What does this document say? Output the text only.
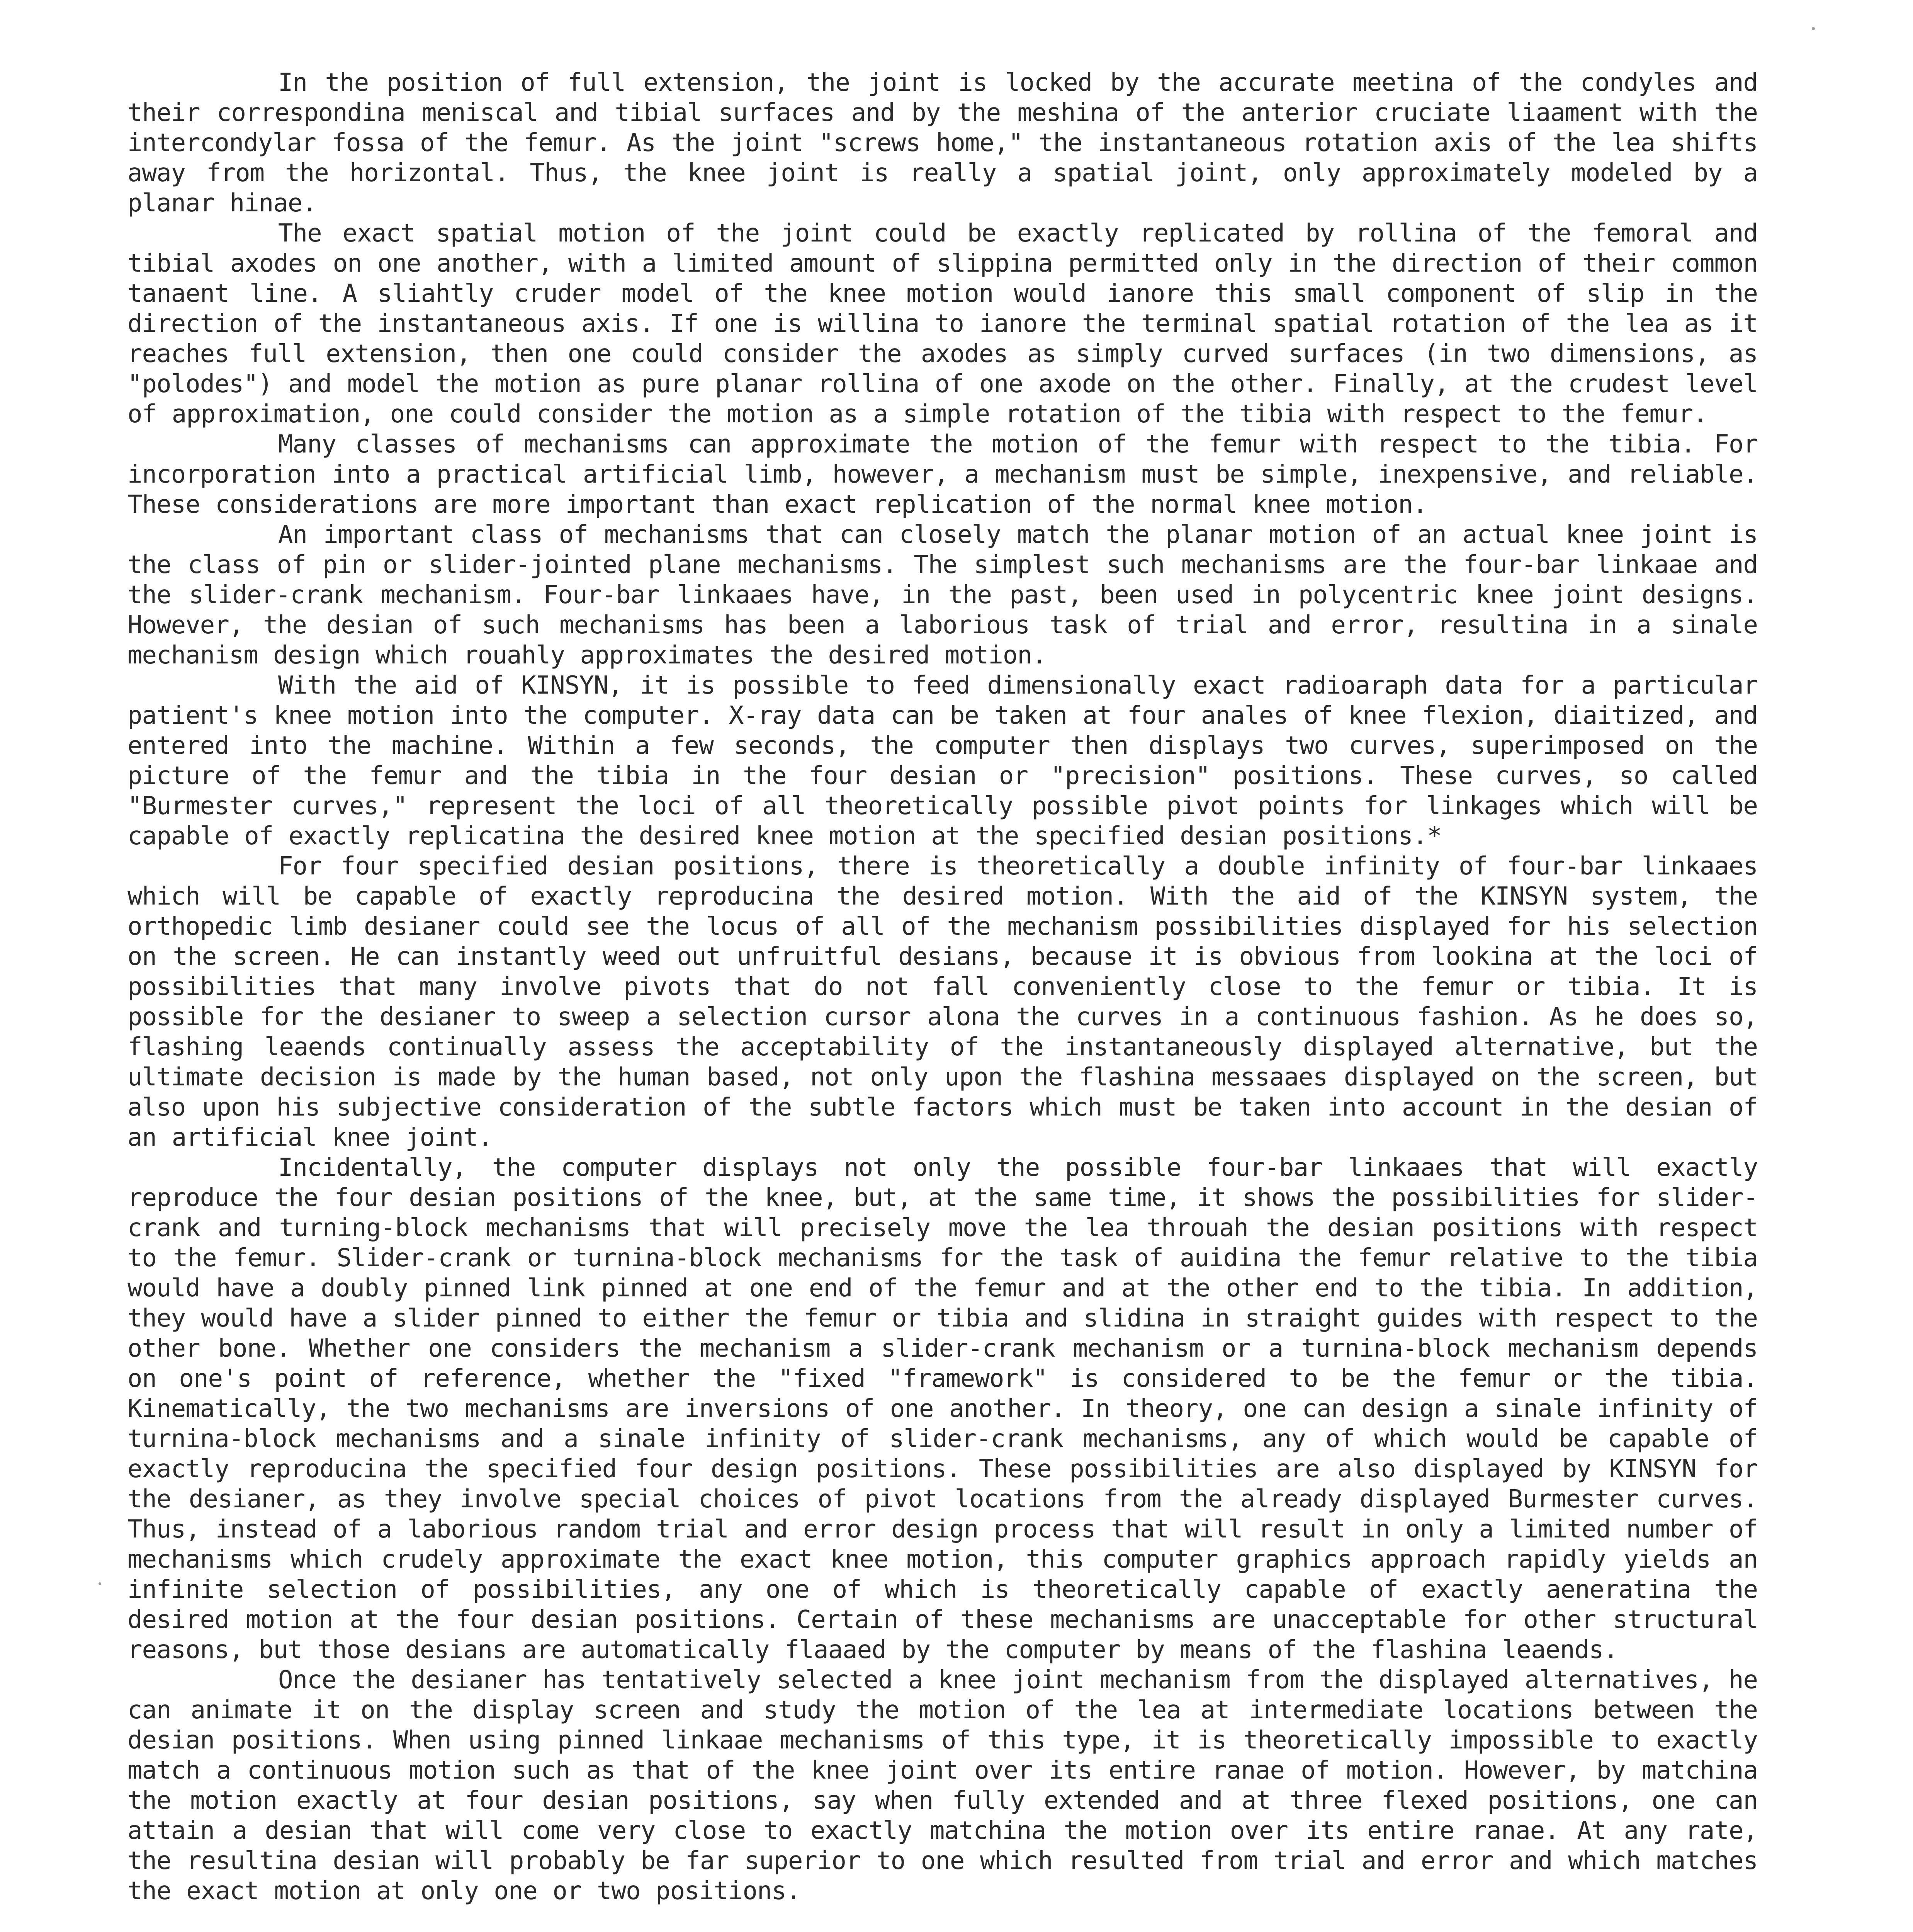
In the position of full extension, the joint is locked by the accurate meetina of the condyles and their correspondina meniscal and tibial surfaces and by the meshina of the anterior cruciate liaament with the intercondylar fossa of the femur. As the joint "screws home," the instantaneous rotation axis of the lea shifts away from the horizontal. Thus, the knee joint is really a spatial joint, only approximately modeled by a planar hinae.

The exact spatial motion of the joint could be exactly replicated by rollina of the femoral and tibial axodes on one another, with a limited amount of slippina permitted only in the direction of their common tanaent line. A sliahtly cruder model of the knee motion would ianore this small component of slip in the direction of the instantaneous axis. If one is willina to ianore the terminal spatial rotation of the lea as it reaches full extension, then one could consider the axodes as simply curved surfaces (in two dimensions, as "polodes") and model the motion as pure planar rollina of one axode on the other. Finally, at the crudest level of approximation, one could consider the motion as a simple rotation of the tibia with respect to the femur.

Many classes of mechanisms can approximate the motion of the femur with respect to the tibia. For incorporation into a practical artificial limb, however, a mechanism must be simple, inexpensive, and reliable. These considerations are more important than exact replication of the normal knee motion.

An important class of mechanisms that can closely match the planar motion of an actual knee joint is the class of pin or slider-jointed plane mechanisms. The simplest such mechanisms are the four-bar linkaae and the slider-crank mechanism. Four-bar linkaaes have, in the past, been used in polycentric knee joint designs. However, the desian of such mechanisms has been a laborious task of trial and error, resultina in a sinale mechanism design which rouahly approximates the desired motion.

With the aid of KINSYN, it is possible to feed dimensionally exact radioaraph data for a particular patient's knee motion into the computer. X-ray data can be taken at four anales of knee flexion, diaitized, and entered into the machine. Within a few seconds, the computer then displays two curves, superimposed on the picture of the femur and the tibia in the four desian or "precision" positions. These curves, so called "Burmester curves," represent the loci of all theoretically possible pivot points for linkages which will be capable of exactly replicatina the desired knee motion at the specified desian positions.*

For four specified desian positions, there is theoretically a double infinity of four-bar linkaaes which will be capable of exactly reproducina the desired motion. With the aid of the KINSYN system, the orthopedic limb desianer could see the locus of all of the mechanism possibilities displayed for his selection on the screen. He can instantly weed out unfruitful desians, because it is obvious from lookina at the loci of possibilities that many involve pivots that do not fall conveniently close to the femur or tibia. It is possible for the desianer to sweep a selection cursor alona the curves in a continuous fashion. As he does so, flashing leaends continually assess the acceptability of the instantaneously displayed alternative, but the ultimate decision is made by the human based, not only upon the flashina messaaes displayed on the screen, but also upon his subjective consideration of the subtle factors which must be taken into account in the desian of an artificial knee joint.

Incidentally, the computer displays not only the possible four-bar linkaaes that will exactly reproduce the four desian positions of the knee, but, at the same time, it shows the possibilities for slider-crank and turning-block mechanisms that will precisely move the lea throuah the desian positions with respect to the femur. Slider-crank or turnina-block mechanisms for the task of auidina the femur relative to the tibia would have a doubly pinned link pinned at one end of the femur and at the other end to the tibia. In addition, they would have a slider pinned to either the femur or tibia and slidina in straight guides with respect to the other bone. Whether one considers the mechanism a slider-crank mechanism or a turnina-block mechanism depends on one's point of reference, whether the "fixed "framework" is considered to be the femur or the tibia. Kinematically, the two mechanisms are inversions of one another. In theory, one can design a sinale infinity of turnina-block mechanisms and a sinale infinity of slider-crank mechanisms, any of which would be capable of exactly reproducina the specified four design positions. These possibilities are also displayed by KINSYN for the desianer, as they involve special choices of pivot locations from the already displayed Burmester curves. Thus, instead of a laborious random trial and error design process that will result in only a limited number of mechanisms which crudely approximate the exact knee motion, this computer graphics approach rapidly yields an infinite selection of possibilities, any one of which is theoretically capable of exactly aeneratina the desired motion at the four desian positions. Certain of these mechanisms are unacceptable for other structural reasons, but those desians are automatically flaaaed by the computer by means of the flashina leaends.

Once the desianer has tentatively selected a knee joint mechanism from the displayed alternatives, he can animate it on the display screen and study the motion of the lea at intermediate locations between the desian positions. When using pinned linkaae mechanisms of this type, it is theoretically impossible to exactly match a continuous motion such as that of the knee joint over its entire ranae of motion. However, by matchina the motion exactly at four desian positions, say when fully extended and at three flexed positions, one can attain a desian that will come very close to exactly matchina the motion over its entire ranae. At any rate, the resultina desian will probably be far superior to one which resulted from trial and error and which matches the exact motion at only one or two positions.
